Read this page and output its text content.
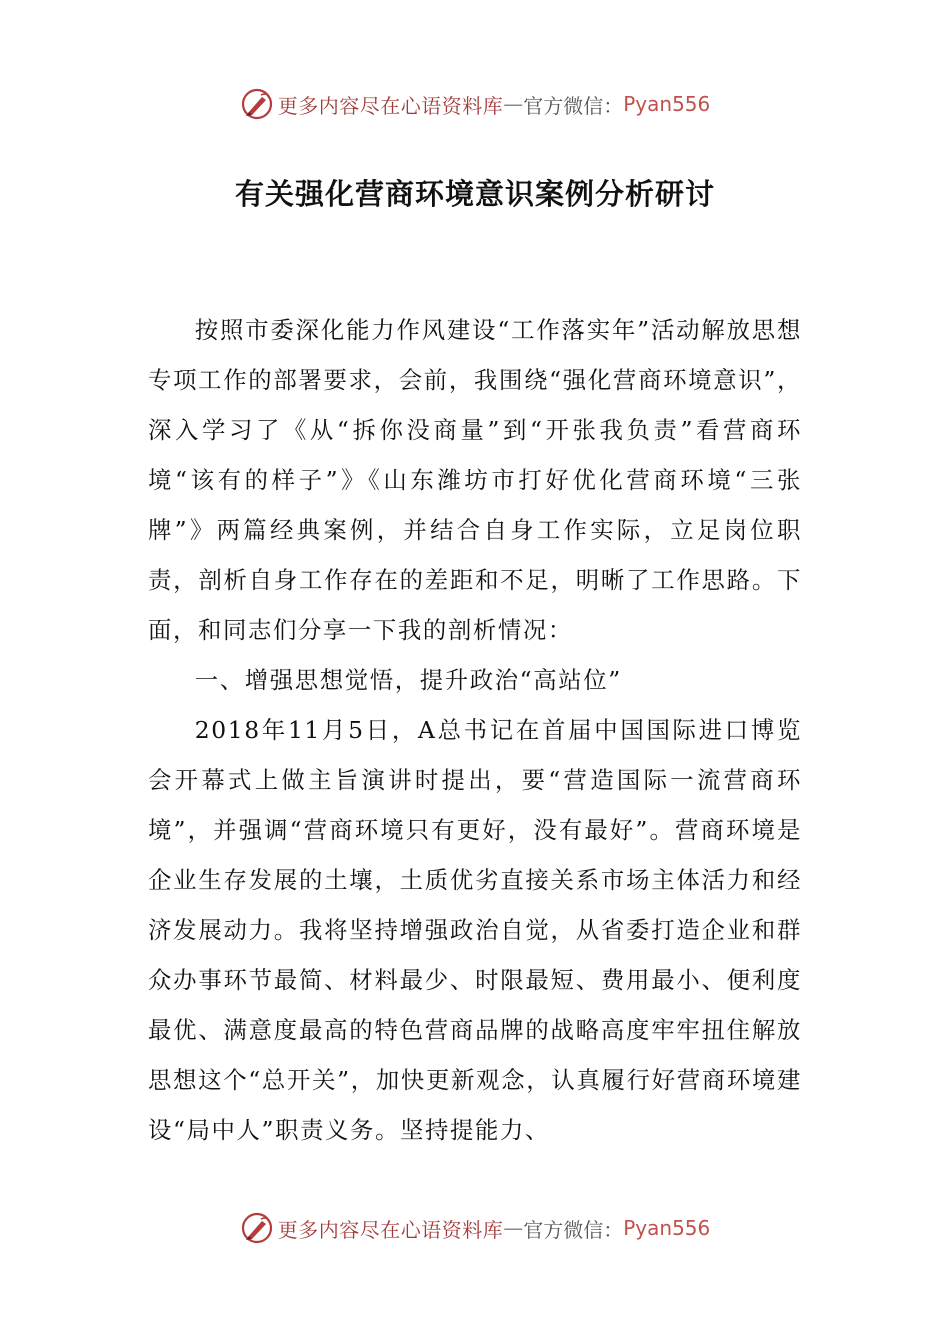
更多内容尽在心语资料库 — 官方微信： Pyan556
有关强化营商环境意识案例分析研讨

按照市委深化能力作风建设“工作落实年”活动解放思想专项工作的部署要求，会前，我围绕“强化营商环境意识”，深入学习了《从“拆你没商量”到“开张我负责”看营商环境“该有的样子”》《山东潍坊市打好优化营商环境“三张牌”》两篇经典案例，并结合自身工作实际，立足岗位职责，剖析自身工作存在的差距和不足，明晰了工作思路。下面，和同志们分享一下我的剖析情况：

一、增强思想觉悟，提升政治“高站位”

2018年11月5日，A总书记在首届中国国际进口博览会开幕式上做主旨演讲时提出，要“营造国际一流营商环境”，并强调“营商环境只有更好，没有最好”。营商环境是企业生存发展的土壤，土质优劣直接关系市场主体活力和经济发展动力。我将坚持增强政治自觉，从省委打造企业和群众办事环节最简、材料最少、时限最短、费用最小、便利度最优、满意度最高的特色营商品牌的战略高度牢牢扭住解放思想这个“总开关”，加快更新观念，认真履行好营商环境建设“局中人”职责义务。坚持提能力、

更多内容尽在心语资料库 — 官方微信： Pyan556
